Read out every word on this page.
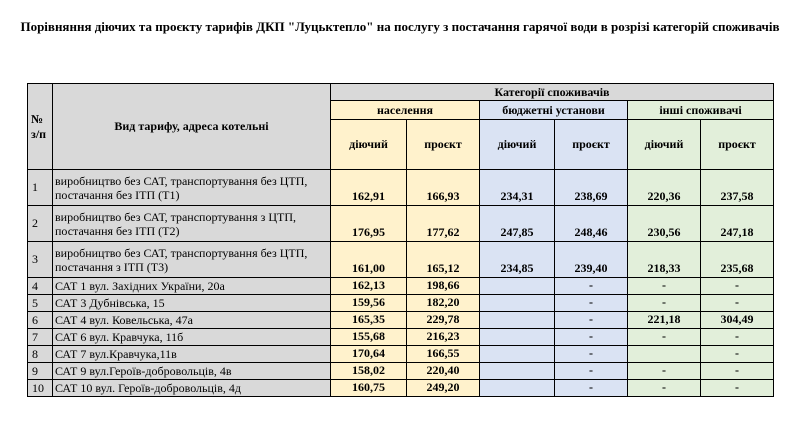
Порівняння діючих та проєкту тарифів ДКП "Луцьктепло" на послугу з постачання гарячої води в розрізі категорій споживачів
№ з/п	Вид тарифу, адреса котельні	Категорії споживачів					
		населення		бюджетні установи		інші споживачі	
		діючий	проєкт	діючий	проєкт	діючий	проєкт
1	виробництво без САТ, транспортування без ЦТП, постачання без ІТП (Т1)	162,91	166,93	234,31	238,69	220,36	237,58
2	виробництво без САТ, транспортування з ЦТП, постачання без ІТП (Т2)	176,95	177,62	247,85	248,46	230,56	247,18
3	виробництво без САТ, транспортування без ЦТП, постачання з ІТП (Т3)	161,00	165,12	234,85	239,40	218,33	235,68
4	САТ 1 вул. Західних України, 20а	162,13	198,66		-	-	-
5	САТ 3 Дубнівська, 15	159,56	182,20		-	-	-
6	САТ 4 вул. Ковельська, 47а	165,35	229,78		-	221,18	304,49
7	САТ 6 вул. Кравчука, 11б	155,68	216,23		-	-	-
8	САТ 7 вул.Кравчука,11в	170,64	166,55		-		-
9	САТ 9 вул.Героїв-добровольців, 4в	158,02	220,40		-	-	-
10	САТ 10 вул. Героїв-добровольців, 4д	160,75	249,20		-	-	-
